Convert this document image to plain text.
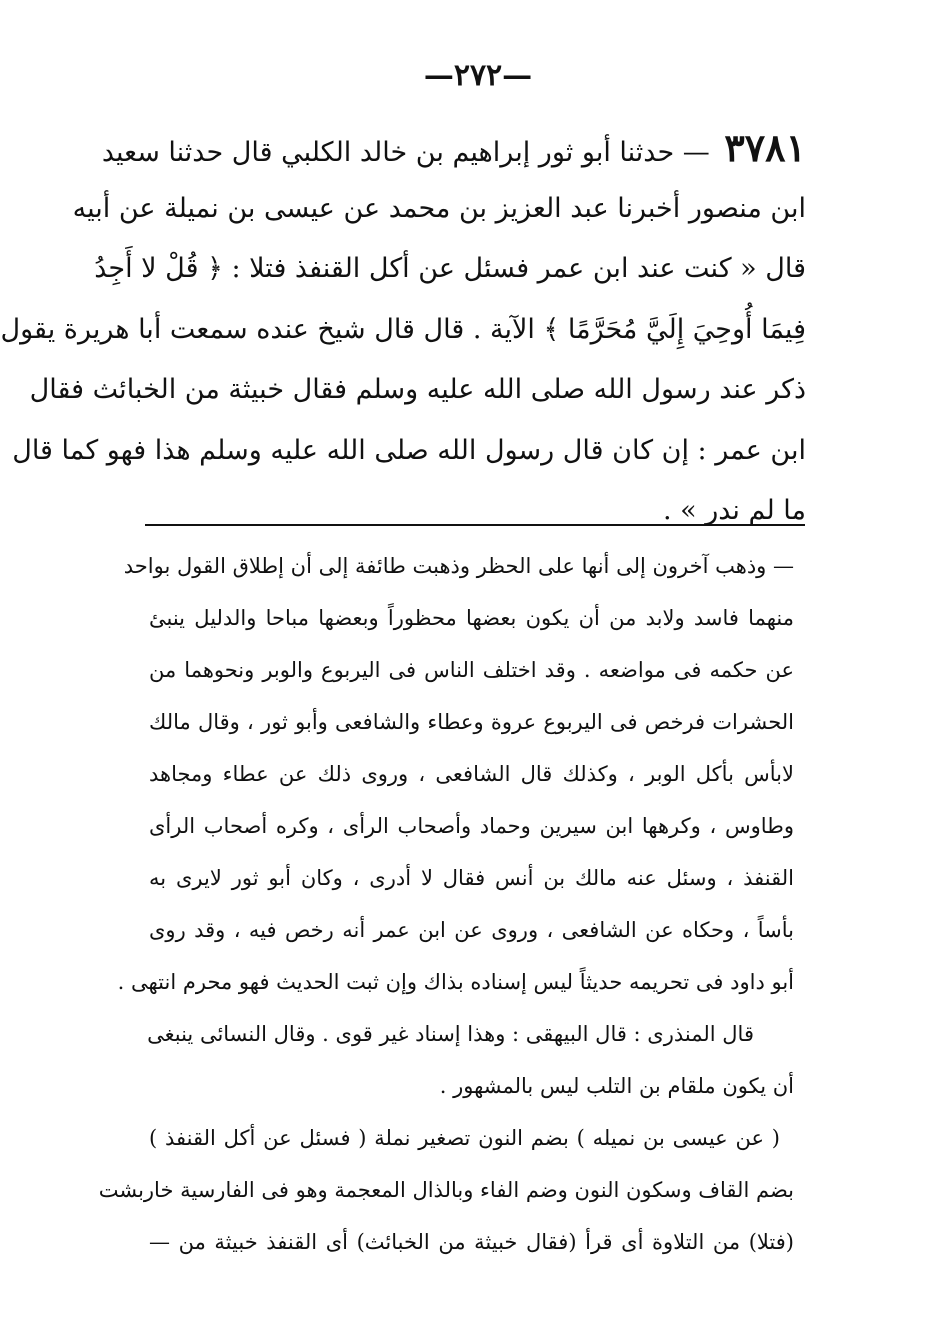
—٢٧٢—
٣٧٨١ — حدثنا أبو ثور إبراهيم بن خالد الكلبي قال حدثنا سعيد
ابن منصور أخبرنا عبد العزيز بن محمد عن عيسى بن نميلة عن أبيه
قال « كنت عند ابن عمر فسئل عن أكل القنفذ فتلا : ﴿ قُلْ لا أَجِدُ
فِيمَا أُوحِيَ إِلَيَّ مُحَرَّمًا ﴾ الآية . قال قال شيخ عنده سمعت أبا هريرة يقول
ذكر عند رسول الله صلى الله عليه وسلم فقال خبيثة من الخبائث فقال
ابن عمر : إن كان قال رسول الله صلى الله عليه وسلم هذا فهو كما قال
ما لم ندر » .
— وذهب آخرون إلى أنها على الحظر وذهبت طائفة إلى أن إطلاق القول بواحد
منهما فاسد ولابد من أن يكون بعضها محظوراً وبعضها مباحا والدليل ينبئ
عن حكمه فى مواضعه . وقد اختلف الناس فى اليربوع والوبر ونحوهما من
الحشرات فرخص فى اليربوع عروة وعطاء والشافعى وأبو ثور ، وقال مالك
لابأس بأكل الوبر ، وكذلك قال الشافعى ، وروى ذلك عن عطاء ومجاهد
وطاوس ، وكرهها ابن سيرين وحماد وأصحاب الرأى ، وكره أصحاب الرأى
القنفذ ، وسئل عنه مالك بن أنس فقال لا أدرى ، وكان أبو ثور لايرى به
بأساً ، وحكاه عن الشافعى ، وروى عن ابن عمر أنه رخص فيه ، وقد روى
أبو داود فى تحريمه حديثاً ليس إسناده بذاك وإن ثبت الحديث فهو محرم انتهى .
قال المنذرى : قال البيهقى : وهذا إسناد غير قوى . وقال النسائى ينبغى
أن يكون ملقام بن التلب ليس بالمشهور .
( عن عيسى بن نميله ) بضم النون تصغير نملة ( فسئل عن أكل القنفذ )
بضم القاف وسكون النون وضم الفاء وبالذال المعجمة وهو فى الفارسية خاربشت
(فتلا) من التلاوة أى قرأ (فقال خبيثة من الخبائث) أى القنفذ خبيثة من —
